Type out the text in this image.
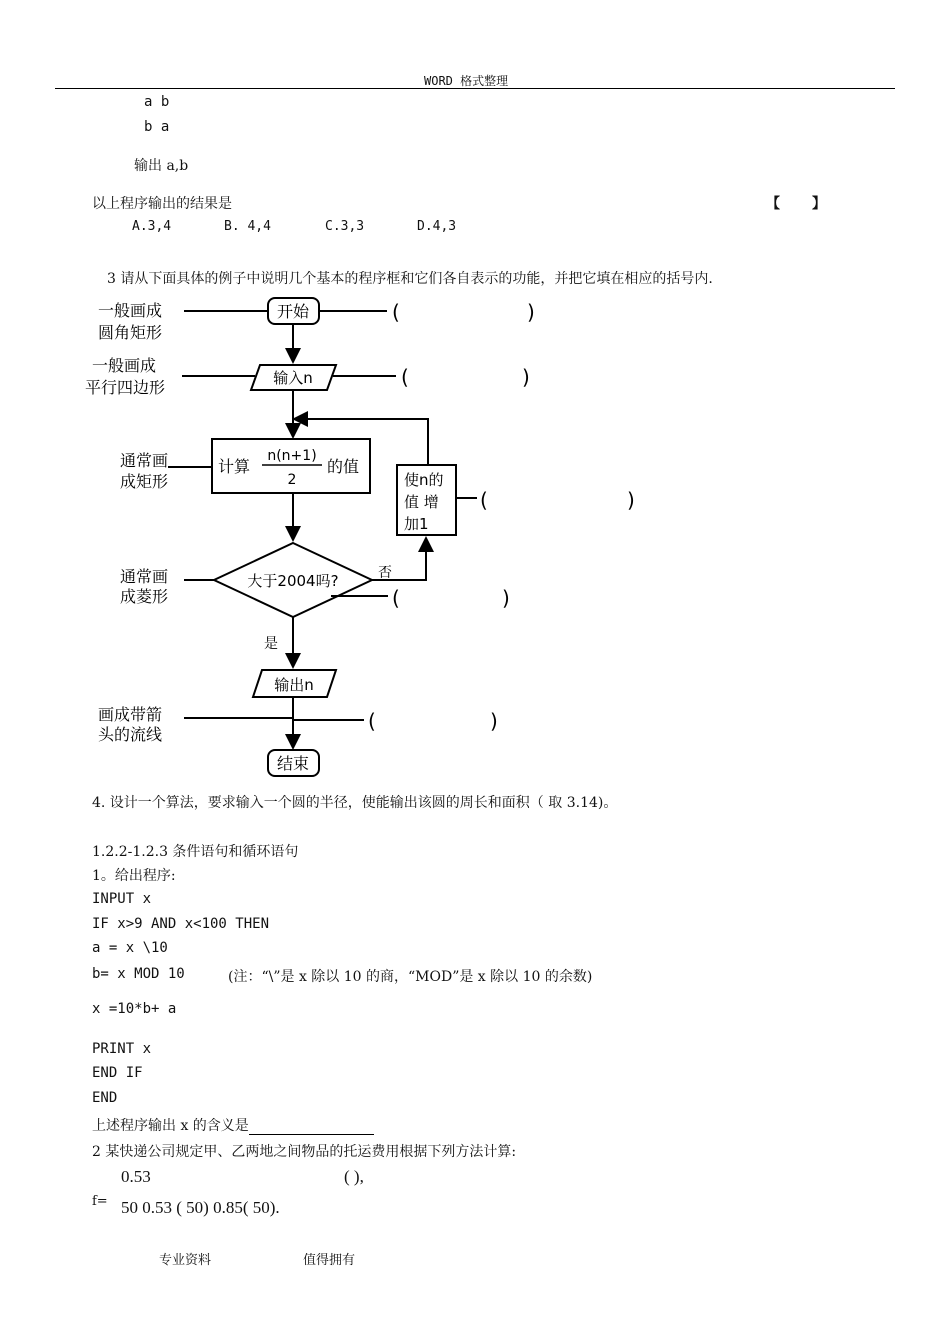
WORD 格式整理
a b
b a
输出 a,b
以上程序输出的结果是	【 】
A.3,4	B. 4,4	C.3,3	D.4,3
3 请从下面具体的例子中说明几个基本的程序框和它们各自表示的功能，并把它填在相应的括号内.
开始
输入n
计算
n(n+1)
2
的值
使n的
值 增
加1
大于2004吗?	否
是
输出n
结束
一般画成
圆角矩形
一般画成
平行四边形
通常画
成矩形
通常画
成菱形
画成带箭
头的流线
(	)
(	)
(	)
(	)
(	)
4. 设计一个算法，要求输入一个圆的半径，使能输出该圆的周长和面积（ 取 3.14)。
1.2.2-1.2.3 条件语句和循环语句
1。给出程序:
INPUT x
IF x>9 AND x<100 THEN
a = x \10
b= x MOD 10	(注：“\”是 x 除以 10 的商，“MOD”是 x 除以 10 的余数)
x =10*b+ a
PRINT x
END IF
END
上述程序输出 x 的含义是
2 某快递公司规定甲、乙两地之间物品的托运费用根据下列方法计算:
0.53	( ),
f= 50 0.53 ( 50) 0.85( 50).
专业资料	值得拥有
